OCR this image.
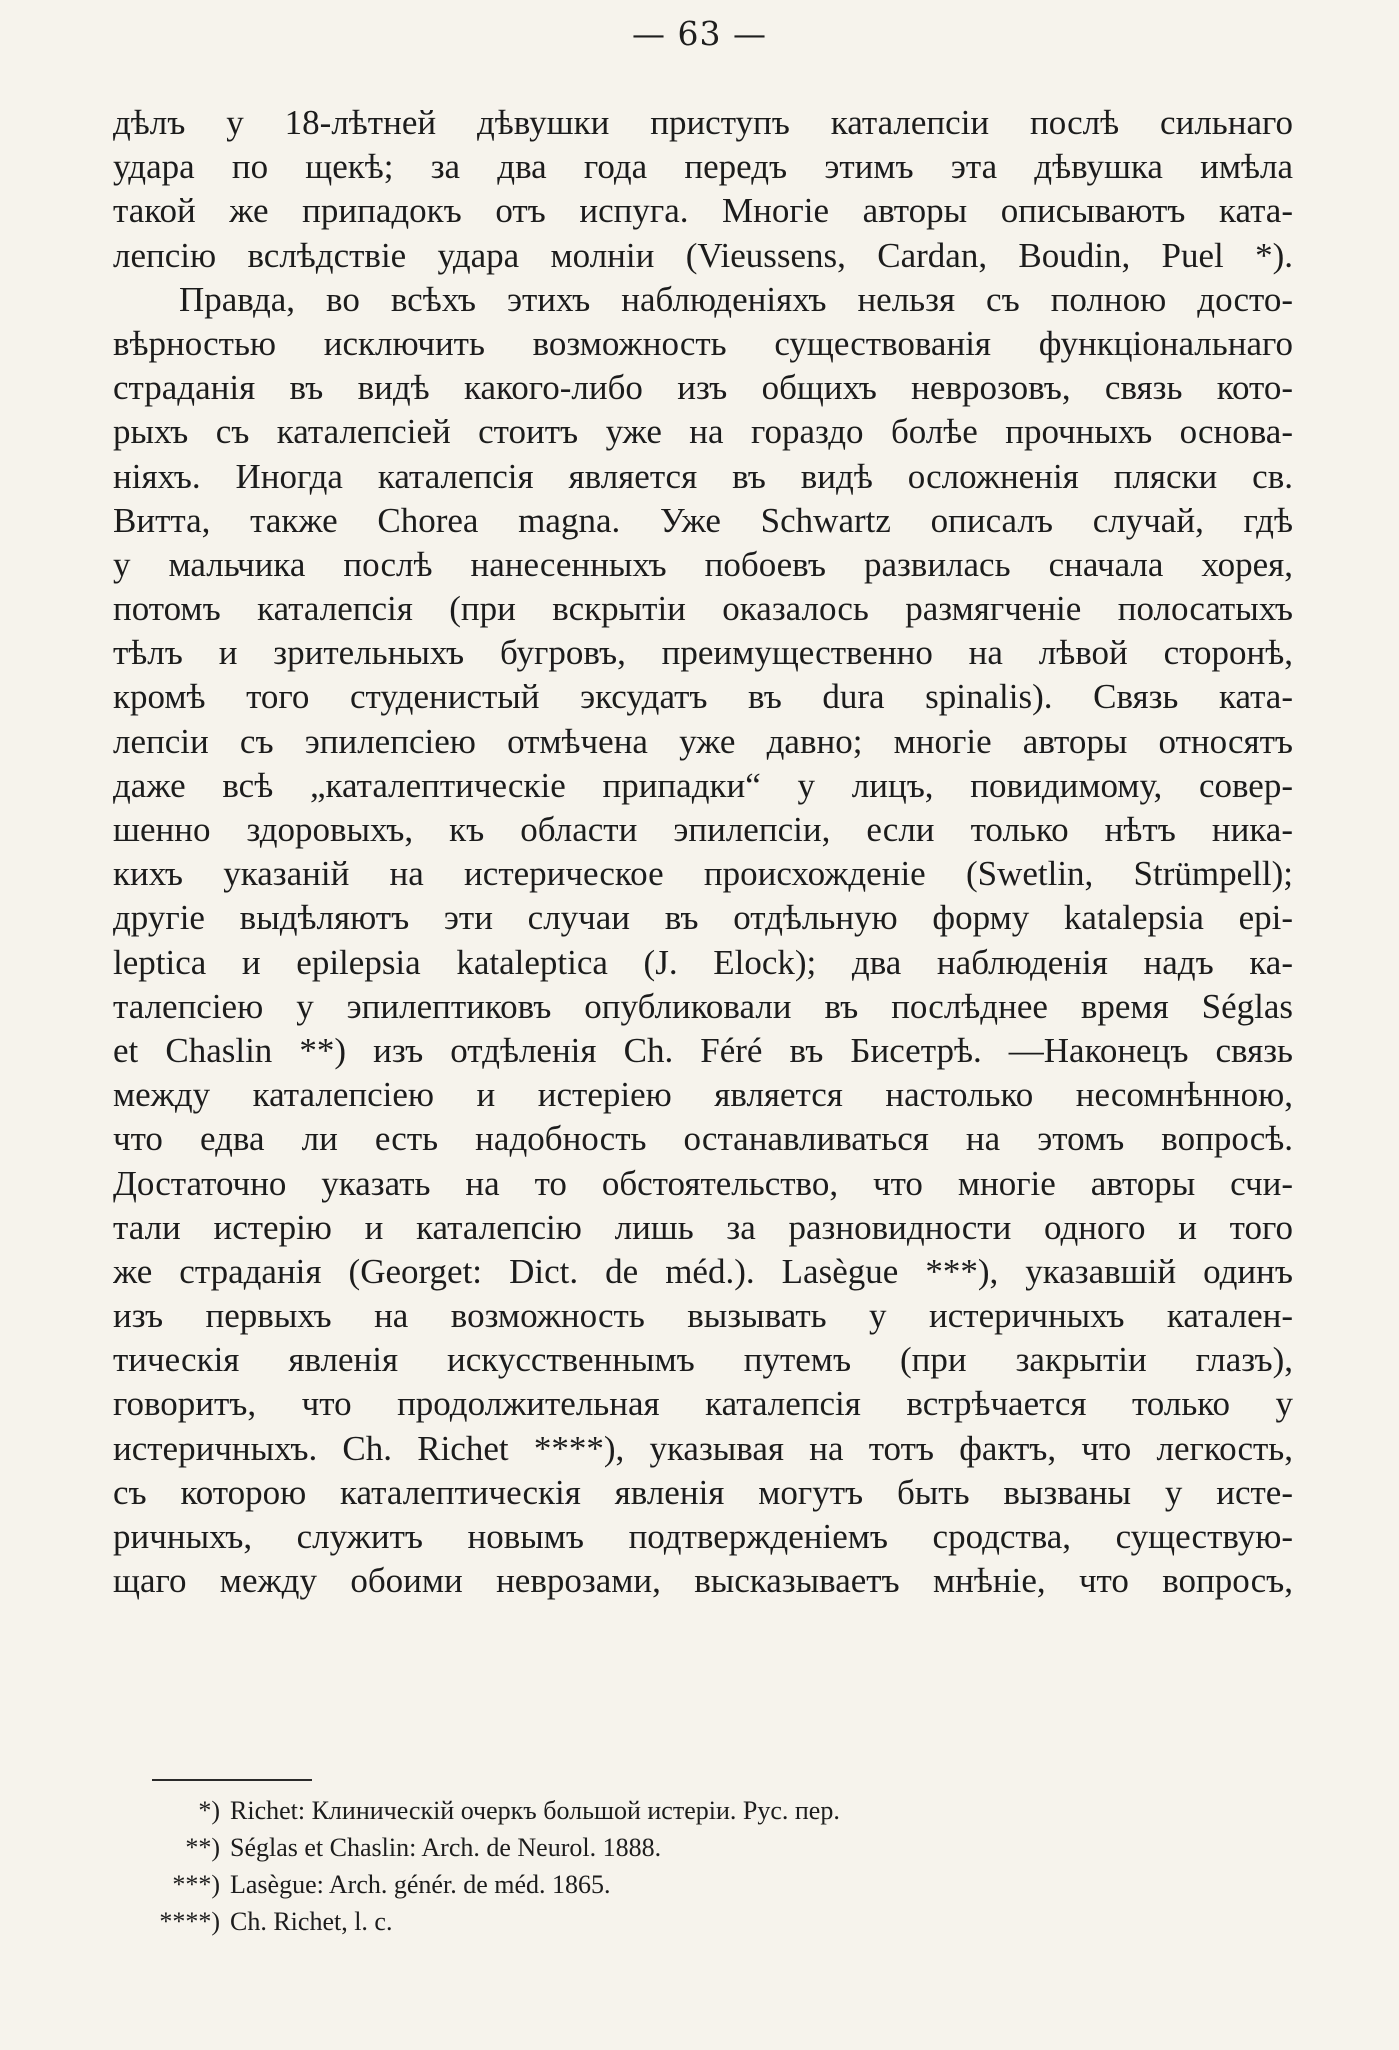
— 63 —
дѣлъ у 18-лѣтней дѣвушки приступъ каталепсіи послѣ сильнаго
удара по щекѣ; за два года передъ этимъ эта дѣвушка имѣла
такой же припадокъ отъ испуга. Многіе авторы описываютъ ката-
лепсію вслѣдствіе удара молніи (Vieussens, Cardan, Boudin, Puel *).
Правда, во всѣхъ этихъ наблюденіяхъ нельзя съ полною досто-
вѣрностью исключить возможность существованія функціональнаго
страданія въ видѣ какого-либо изъ общихъ неврозовъ, связь кото-
рыхъ съ каталепсіей стоитъ уже на гораздо болѣе прочныхъ основа-
ніяхъ. Иногда каталепсія является въ видѣ осложненія пляски св.
Витта, также Chorea magna. Уже Schwartz описалъ случай, гдѣ
у мальчика послѣ нанесенныхъ побоевъ развилась сначала хорея,
потомъ каталепсія (при вскрытіи оказалось размягченіе полосатыхъ
тѣлъ и зрительныхъ бугровъ, преимущественно на лѣвой сторонѣ,
кромѣ того студенистый эксудатъ въ dura spinalis). Связь ката-
лепсіи съ эпилепсіею отмѣчена уже давно; многіе авторы относятъ
даже всѣ „каталептическіе припадки“ у лицъ, повидимому, совер-
шенно здоровыхъ, къ области эпилепсіи, если только нѣтъ ника-
кихъ указаній на истерическое происхожденіе (Swetlin, Strümpell);
другіе выдѣляютъ эти случаи въ отдѣльную форму katalepsia epi-
leptica и epilepsia kataleptica (J. Elock); два наблюденія надъ ка-
талепсіею у эпилептиковъ опубликовали въ послѣднее время Séglas
et Chaslin **) изъ отдѣленія Ch. Féré въ Бисетрѣ. —Наконецъ связь
между каталепсіею и истеріею является настолько несомнѣнною,
что едва ли есть надобность останавливаться на этомъ вопросѣ.
Достаточно указать на то обстоятельство, что многіе авторы счи-
тали истерію и каталепсію лишь за разновидности одного и того
же страданія (Georget: Dict. de méd.). Lasègue ***), указавшій одинъ
изъ первыхъ на возможность вызывать у истеричныхъ катален-
тическія явленія искусственнымъ путемъ (при закрытіи глазъ),
говоритъ, что продолжительная каталепсія встрѣчается только у
истеричныхъ. Ch. Richet ****), указывая на тотъ фактъ, что легкость,
съ которою каталептическія явленія могутъ быть вызваны у исте-
ричныхъ, служитъ новымъ подтвержденіемъ сродства, существую-
щаго между обоими неврозами, высказываетъ мнѣніе, что вопросъ,
*) Richet: Клиническій очеркъ большой истеріи. Рус. пер.
**) Séglas et Chaslin: Arch. de Neurol. 1888.
***) Lasègue: Arch. génér. de méd. 1865.
****) Ch. Richet, l. c.
